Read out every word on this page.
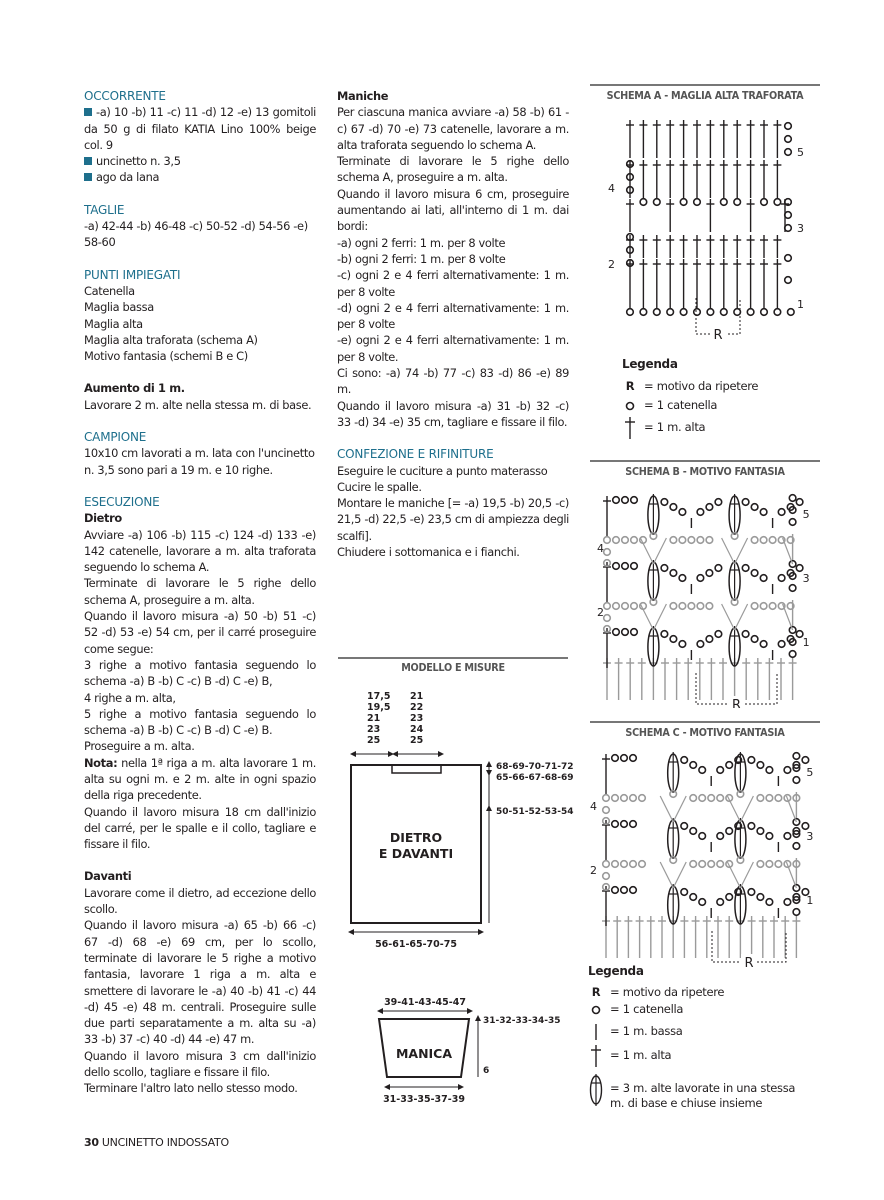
OCCORRENTE

-a) 10 -b) 11 -c) 11 -d) 12 -e) 13 gomitoli da 50 g di filato KATIA Lino 100% beige col. 9

uncinetto n. 3,5

ago da lana

TAGLIE

-a) 42-44 -b) 46-48 -c) 50-52 -d) 54-56 -e) 58-60

PUNTI IMPIEGATI

Catenella

Maglia bassa

Maglia alta

Maglia alta traforata (schema A)

Motivo fantasia (schemi B e C)

Aumento di 1 m.

Lavorare 2 m. alte nella stessa m. di base.

CAMPIONE

10x10 cm lavorati a m. lata con l'uncinetto n. 3,5 sono pari a 19 m. e 10 righe.

ESECUZIONE

Dietro

Avviare -a) 106 -b) 115 -c) 124 -d) 133 -e) 142 catenelle, lavorare a m. alta traforata seguendo lo schema A.

Terminate di lavorare le 5 righe dello schema A, proseguire a m. alta.

Quando il lavoro misura -a) 50 -b) 51 -c) 52 -d) 53 -e) 54 cm, per il carré proseguire come segue:

3 righe a motivo fantasia seguendo lo schema -a) B -b) C -c) B -d) C -e) B,

4 righe a m. alta,

5 righe a motivo fantasia seguendo lo schema -a) B -b) C -c) B -d) C -e) B.

Proseguire a m. alta.

Nota: nella 1ª riga a m. alta lavorare 1 m. alta su ogni m. e 2 m. alte in ogni spazio della riga precedente.

Quando il lavoro misura 18 cm dall'inizio del carré, per le spalle e il collo, tagliare e fissare il filo.

Davanti

Lavorare come il dietro, ad eccezione dello scollo.

Quando il lavoro misura -a) 65 -b) 66 -c) 67 -d) 68 -e) 69 cm, per lo scollo, terminate di lavorare le 5 righe a motivo fantasia, lavorare 1 riga a m. alta e smettere di lavorare le -a) 40 -b) 41 -c) 44 -d) 45 -e) 48 m. centrali. Proseguire sulle due parti separatamente a m. alta su -a) 33 -b) 37 -c) 40 -d) 44 -e) 47 m.

Quando il lavoro misura 3 cm dall'inizio dello scollo, tagliare e fissare il filo.

Terminare l'altro lato nello stesso modo.

Maniche

Per ciascuna manica avviare -a) 58 -b) 61 -c) 67 -d) 70 -e) 73 catenelle, lavorare a m. alta traforata seguendo lo schema A.

Terminate di lavorare le 5 righe dello schema A, proseguire a m. alta.

Quando il lavoro misura 6 cm, proseguire aumentando ai lati, all'interno di 1 m. dai bordi:

-a) ogni 2 ferri: 1 m. per 8 volte

-b) ogni 2 ferri: 1 m. per 8 volte

-c) ogni 2 e 4 ferri alternativamente: 1 m. per 8 volte

-d) ogni 2 e 4 ferri alternativamente: 1 m. per 8 volte

-e) ogni 2 e 4 ferri alternativamente: 1 m. per 8 volte.

Ci sono: -a) 74 -b) 77 -c) 83 -d) 86 -e) 89 m.

Quando il lavoro misura -a) 31 -b) 32 -c) 33 -d) 34 -e) 35 cm, tagliare e fissare il filo.

CONFEZIONE E RIFINITURE

Eseguire le cuciture a punto materasso

Cucire le spalle.

Montare le maniche [= -a) 19,5 -b) 20,5 -c) 21,5 -d) 22,5 -e) 23,5 cm di ampiezza degli scalfi].

Chiudere i sottomanica e i fianchi.

MODELLO E MISURE
17,5
19,5
21
23
25
21
22
23
24
25
DIETRO
E DAVANTI
68-69-70-71-72
65-66-67-68-69
50-51-52-53-54
56-61-65-70-75
39-41-43-45-47
MANICA
31-32-33-34-35
6
31-33-35-37-39
SCHEMA A - MAGLIA ALTA TRAFORATA
1
2
3
4
5
R
Legenda
R = motivo da ripetere
= 1 catenella
= 1 m. alta
SCHEMA B - MOTIVO FANTASIA
1
2
3
4
5
R
SCHEMA C - MOTIVO FANTASIA
1
2
3
4
5
R
Legenda
R = motivo da ripetere
= 1 catenella
= 1 m. bassa
= 1 m. alta
= 3 m. alte lavorate in una stessa m. di base e chiuse insieme
30 UNCINETTO INDOSSATO
